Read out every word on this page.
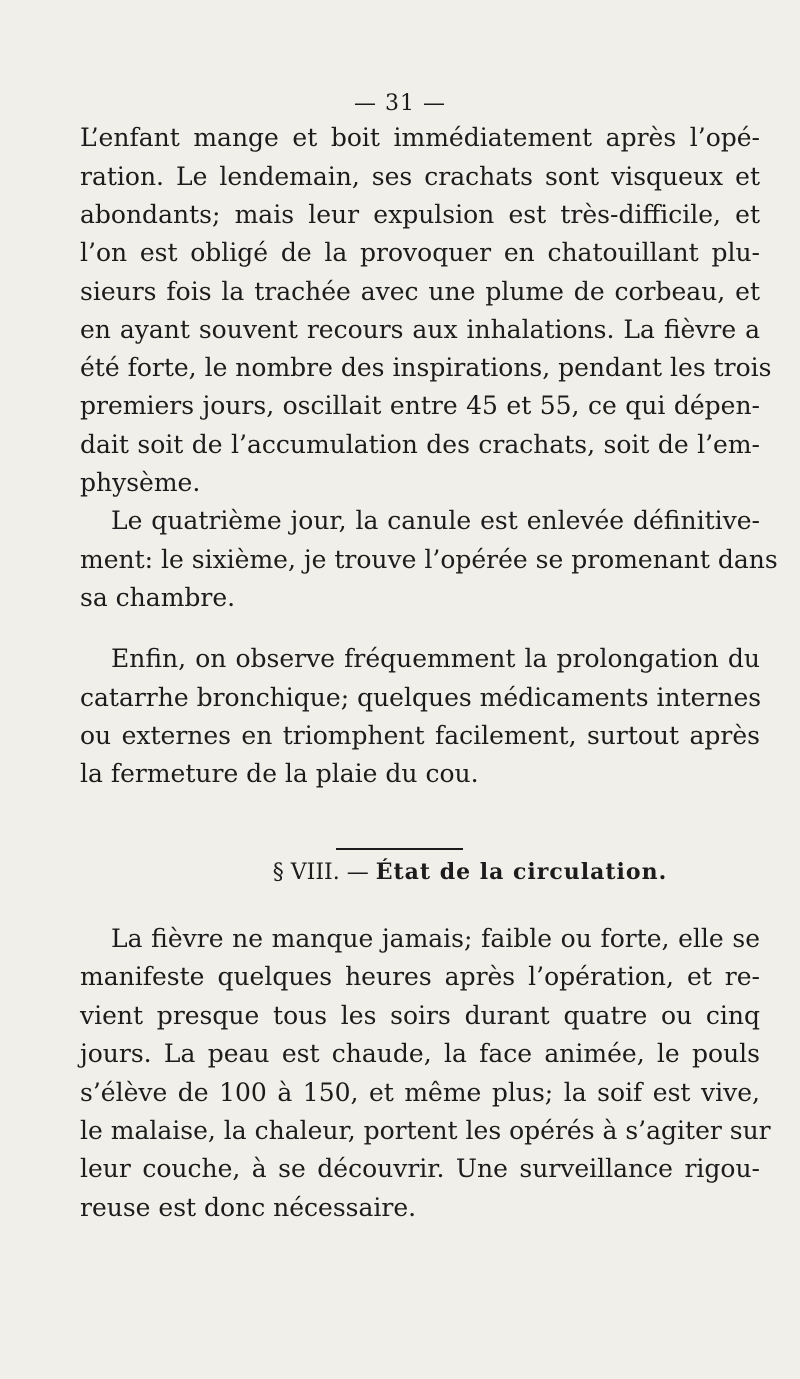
— 31 —
L’enfant mange et boit immédiatement après l’opé-
ration. Le lendemain, ses crachats sont visqueux et
abondants; mais leur expulsion est très-difficile, et
l’on est obligé de la provoquer en chatouillant plu-
sieurs fois la trachée avec une plume de corbeau, et
en ayant souvent recours aux inhalations. La fièvre a
été forte, le nombre des inspirations, pendant les trois
premiers jours, oscillait entre 45 et 55, ce qui dépen-
dait soit de l’accumulation des crachats, soit de l’em-
physème.
Le quatrième jour, la canule est enlevée définitive-
ment: le sixième, je trouve l’opérée se promenant dans
sa chambre.
Enfin, on observe fréquemment la prolongation du
catarrhe bronchique; quelques médicaments internes
ou externes en triomphent facilement, surtout après
la fermeture de la plaie du cou.
§ VIII. — État de la circulation.
La fièvre ne manque jamais; faible ou forte, elle se
manifeste quelques heures après l’opération, et re-
vient presque tous les soirs durant quatre ou cinq
jours. La peau est chaude, la face animée, le pouls
s’élève de 100 à 150, et même plus; la soif est vive,
le malaise, la chaleur, portent les opérés à s’agiter sur
leur couche, à se découvrir. Une surveillance rigou-
reuse est donc nécessaire.
